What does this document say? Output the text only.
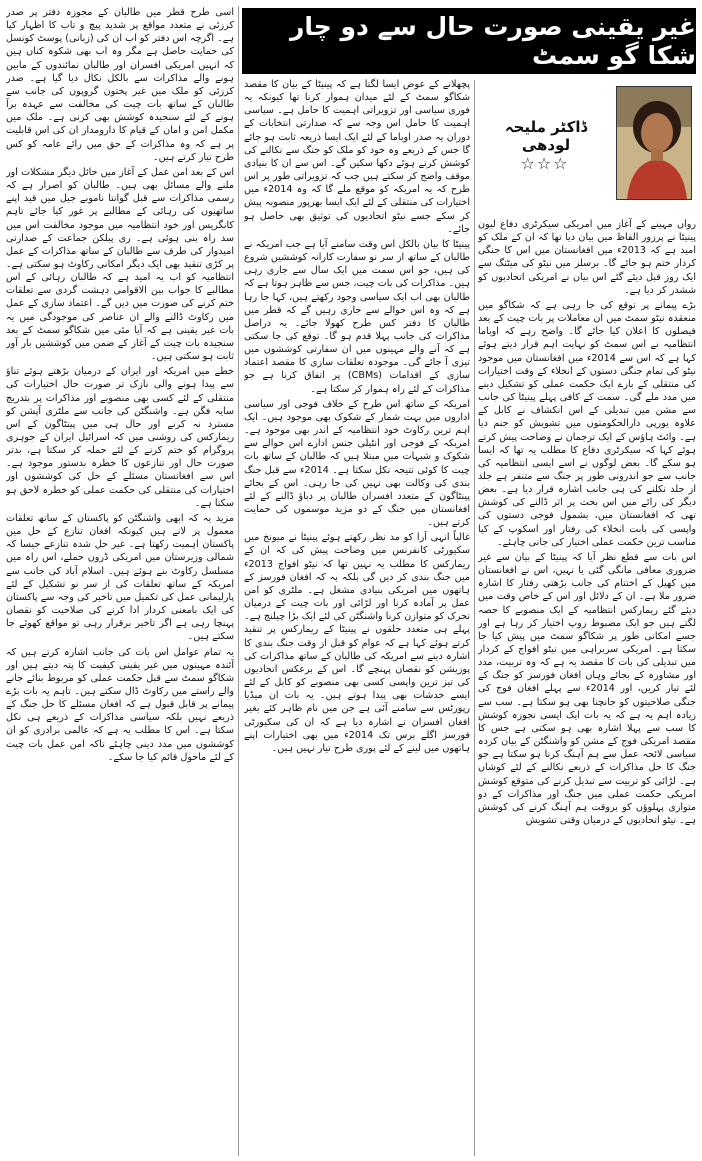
اسی طرح قطر میں طالبان کے مجوزہ دفتر پر صدر کرزئی نے متعدد مواقع پر شدید پیچ و تاب کا اظہار کیا ہے۔ اگرچہ اس دفتر کو اب ان کی (زبانی) پوسٹ کونسل کی حمایت حاصل ہے مگر وہ اب بھی شکوہ کناں ہیں کہ انہیں امریکی افسران اور طالبان نمائندوں کے مابین ہونے والے مذاکرات سے بالکل نکال دیا گیا ہے۔ صدر کرزئی کو ملک میں غیر پختون گروپوں کی جانب سے طالبان کے ساتھ بات چیت کی مخالفت سے عہدہ برآ ہونے کے لئے سنجیدہ کوشش بھی کرنی ہے۔ ملک میں مکمل امن و امان کے قیام کا دارومدار ان کی اس قابلیت پر ہے کہ وہ مذاکرات کے حق میں رائے عامہ کو کس طرح تیار کرتے ہیں۔

اس کے بعد امن عمل کے آغاز میں حائل دیگر مشکلات اور ملنے والے مسائل بھی ہیں۔ طالبان کو اصرار ہے کہ رسمی مذاکرات سے قبل گوانتا ناموبے جیل میں قید اپنے ساتھیوں کی رہائی کے مطالبے پر غور کیا جائے تاہم کانگریس اور خود انتظامیہ میں موجود مخالفت اس میں سد راہ بنی ہوئی ہے۔ ری پبلکن جماعت کے صدارتی امیدوار کی طرف سے طالبان کے ساتھ مذاکرات کے عمل پر کڑی تنقید بھی ایک دیگر امکانی رکاوٹ ہو سکتی ہے۔ انتظامیہ کو اب یہ امید ہے کہ طالبان رہائی کے اس مطالبے کا جواب بین الاقوامی دہشت گردی سے تعلقات ختم کرنے کی صورت میں دیں گے۔ اعتماد سازی کے عمل میں رکاوٹ ڈالنے والے ان عناصر کی موجودگی میں یہ بات غیر یقینی ہے کہ آیا مئی میں شکاگو سمٹ کے بعد سنجیدہ بات چیت کے آغاز کے ضمن میں کوششیں بار آور ثابت ہو سکتی ہیں۔

خطے میں امریکہ اور ایران کے درمیان بڑھتے ہوئے تناؤ سے پیدا ہونے والی نازک تر صورت حال اختیارات کی منتقلی کے لئے کسی بھی منصوبے اور مذاکرات پر بتدریج سایہ فگن ہے۔ واشنگٹن کی جانب سے ملٹری آپشن کو مسترد نہ کرنے اور حال ہی میں پینٹاگون کے اس ریمارکس کی روشنی میں کہ اسرائیل ایران کے جوہری پروگرام کو ختم کرنے کے لئے حملہ کر سکتا ہے، بدتر صورت حال اور تنازعوں کا خطرہ بدستور موجود ہے۔ اس سے افغانستان مسئلے کے حل کی کوششوں اور اختیارات کی منتقلی کی حکمت عملی کو خطرہ لاحق ہو سکتا ہے۔

مزید یہ کہ ابھی واشنگٹن کو پاکستان کے ساتھ تعلقات معمول پر لانے ہیں کیونکہ افغان تنازع کے حل میں پاکستان اہمیت رکھتا ہے۔ غیر حل شدہ تنازعے جیسا کہ شمالی وزیرستان میں امریکی ڈرون حملے، اس راہ میں مسلسل رکاوٹ بنے ہوئے ہیں۔ اسلام آباد کی جانب سے امریکہ کے ساتھ تعلقات کی از سر نو تشکیل کے لئے پارلیمانی عمل کی تکمیل میں تاخیر کی وجہ سے پاکستان کی ایک بامعنی کردار ادا کرنے کی صلاحیت کو نقصان پہنچا رہی ہے اگر تاخیر برقرار رہی تو مواقع کھوئے جا سکتے ہیں۔

یہ تمام عوامل اس بات کی جانب اشارہ کرتے ہیں کہ آئندہ مہینوں میں غیر یقینی کیفیت کا پتہ دیتے ہیں اور شکاگو سمٹ سے قبل حکمت عملی کو مربوط بنائے جانے والے راستے میں رکاوٹ ڈال سکتے ہیں۔ تاہم یہ بات بڑے پیمانے پر قابل قبول ہے کہ افغان مسئلے کا حل جنگ کے ذریعے نہیں بلکہ سیاسی مذاکرات کے ذریعے ہی نکل سکتا ہے۔ اس کا مطلب یہ ہے کہ عالمی برادری کو ان کوششوں میں مدد دینی چاہئے تاکہ امن عمل بات چیت کے لئے ماحول قائم کیا جا سکے۔

غیر یقینی صورت حال سے دو چار شکا گو سمٹ
ڈاکٹر ملیحہ لودھی
☆☆☆

پچھلانے کے عوض ایسا لگتا ہے کہ پینیٹا کے بیان کا مقصد شکاگو سمٹ کے لئے میدان ہموار کرنا تھا کیونکہ یہ فوری سیاسی اور تزویراتی اہمیت کا حامل ہے۔ سیاسی اہمیت کا حامل اس وجہ سے کہ صدارتی انتخابات کے دوران یہ صدر اوباما کے لئے ایک ایسا ذریعہ ثابت ہو جائے گا جس کے ذریعے وہ خود کو ملک کو جنگ سے نکالنے کی کوشش کرتے ہوئے دکھا سکیں گے۔ اس سے ان کا بنیادی موقف واضح کر سکتے ہیں جب کہ تزویراتی طور پر اس طرح کہ یہ امریکہ کو موقع ملے گا کہ وہ 2014ء میں اختیارات کی منتقلی کے لئے ایک ایسا بھرپور منصوبہ پیش کر سکے جسے نیٹو اتحادیوں کی توثیق بھی حاصل ہو جائے۔

پینیٹا کا بیان بالکل اس وقت سامنے آیا ہے جب امریکہ نے طالبان کے ساتھ از سر نو سفارت کارانہ کوششیں شروع کی ہیں، جو اس سمت میں ایک سال سے جاری رہی ہیں۔ مذاکرات کی بات چیت، جس سے ظاہر ہوتا ہے کہ طالبان بھی اب ایک سیاسی وجود رکھتے ہیں، کہا جا رہا ہے کہ وہ اس حوالے سے جاری رہیں گے کہ قطر میں طالبان کا دفتر کس طرح کھولا جائے۔ یہ دراصل مذاکرات کی جانب پہلا قدم ہو گا۔ توقع کی جا سکتی ہے کہ آنے والے مہینوں میں ان سفارتی کوششوں میں تیزی آ جائے گی۔ موجودہ تعلقات سازی کا مقصد اعتماد سازی کے اقدامات (CBMs) پر اتفاق کرنا ہے جو مذاکرات کے لئے راہ ہموار کر سکتا ہے۔

امریکہ کے ساتھ اس طرح کے خلاف فوجی اور سیاسی اداروں میں بہت شمار کے شکوک بھی موجود ہیں۔ ایک اہم ترین رکاوٹ خود انتظامیہ کے اندر بھی موجود ہے۔ امریکہ کے فوجی اور انٹیلی جنس ادارے اس حوالے سے شکوک و شبہات میں مبتلا ہیں کہ طالبان کے ساتھ بات چیت کا کوئی نتیجہ نکل سکتا ہے۔ 2014ء سے قبل جنگ بندی کی وکالت بھی نہیں کی جا رہی۔ اس کے بجائے پینٹاگون کے متعدد افسران طالبان پر دباؤ ڈالنے کے لئے افغانستان میں جنگ کے دو مزید موسموں کی حمایت کرتے ہیں۔

غالباً انہی آرا کو مد نظر رکھتے ہوئے پینیٹا نے میونخ میں سکیورٹی کانفرنس میں وضاحت پیش کی کہ ان کے ریمارکس کا مطلب یہ نہیں تھا کہ نیٹو افواج 2013ء میں جنگ بندی کر دیں گی بلکہ یہ کہ افغان فورسز کے ہاتھوں میں امریکی بنیادی مشغل ہے۔ ملٹری کو امن عمل پر آمادہ کرنا اور لڑائی اور بات چیت کے درمیان تحرک کو متوازن کرنا واشنگٹن کی لئے ایک بڑا چیلنج ہے۔ پہلے ہی متعدد حلقوں نے پینیٹا کے ریمارکس پر تنقید کرتے ہوئے کہا ہے کہ عوام کو قبل از وقت جنگ بندی کا اشارہ دینے سے امریکہ کی طالبان کے ساتھ مذاکرات کی پوزیشن کو نقصان پہنچے گا۔ اس کے برعکس اتحادیوں کی تیز ترین واپسی کسی بھی منصوبے کو کابل کے لئے ایسے خدشات بھی پیدا ہوتے ہیں۔ یہ بات ان میڈیا رپورٹس سے سامنے آئی ہے جن میں نام ظاہر کئے بغیر افغان افسران نے اشارہ دیا ہے کہ ان کی سکیورٹی فورسز اگلے برس تک 2014ء میں بھی اختیارات اپنے ہاتھوں میں لینے کے لئے پوری طرح تیار نہیں ہیں۔

رواں مہینے کے آغاز میں امریکی سیکرٹری دفاع لیون پینیٹا نے پرزور الفاظ میں بیان دیا تھا کہ ان کے ملک کو امید ہے کہ 2013ء میں افغانستان میں اس کا جنگی کردار ختم ہو جائے گا۔ برسلز میں نیٹو کی میٹنگ سے ایک روز قبل دیئے گئے اس بیان نے امریکی اتحادیوں کو ششدر کر دیا ہے۔

بڑے پیمانے پر توقع کی جا رہی ہے کہ شکاگو میں منعقدہ نیٹو سمٹ میں ان معاملات پر بات چیت کے بعد فیصلوں کا اعلان کیا جائے گا۔ واضح رہے کہ اوباما انتظامیہ نے اس سمٹ کو نہایت اہم قرار دیتے ہوئے کہا ہے کہ اس سے 2014ء میں افغانستان میں موجود نیٹو کی تمام جنگی دستوں کے انخلاء کے وقت اختیارات کی منتقلی کے بارے ایک حکمت عملی کو تشکیل دینے میں مدد ملے گی۔ سمت کے کافی پہلے پینیٹا کی جانب سے مشن میں تبدیلی کے اس انکشاف نے کابل کے علاوہ یورپی دارالحکومتوں میں تشویش کو جنم دیا ہے۔ وائٹ ہاؤس کے ایک ترجمان نے وضاحت پیش کرتے ہوئے کہا کہ سیکرٹری دفاع کا مطلب یہ تھا کہ ایسا ہو سکے گا۔ بعض لوگوں نے اسے ایسی انتظامیہ کی جانب سے جو اندرونی طور پر جنگ سے متنفر ہے جلد از جلد نکلنے کی ہی جانب اشارہ قرار دیا ہے۔ بعض دیگر کی رائے میں اس بحث پر اثر ڈالنے کی کوشش تھی کہ افغانستان میں، بشمول فوجی دستوں کی واپسی کی بابت انخلاء کی رفتار اور اسکوپ کے کیا مناسب ترین حکمت عملی اختیار کی جانی چاہئے۔

اس بات سے قطع نظر آیا کہ پینیٹا کے بیان سے غیر ضروری معافی مانگی گئی یا نہیں، اس نے افغانستان میں کھیل کے اختتام کی جانب بڑھتی رفتار کا اشارہ ضرور ملا ہے۔ ان کے دلائل اور اس کے خاص وقت میں دیئے گئے ریمارکس انتظامیہ کے ایک منصوبے کا حصہ لگتے ہیں جو ایک مضبوط روپ اختیار کر رہا ہے اور جسے امکانی طور پر شکاگو سمٹ میں پیش کیا جا سکتا ہے۔ امریکی سربراہی میں نیٹو افواج کے کردار میں تبدیلی کی بات کا مقصد یہ ہے کہ وہ تربیت، مدد اور مشاورہ کے بجائے وہاں افغان فورسز کو جنگ کے لئے تیار کریں، اور 2014ء سے پہلے افغان فوج کی جنگی صلاحیتوں کو جانچنا بھی ہو سکتا ہے۔ سب سے زیادہ اہم یہ ہے کہ یہ بات ایک ایسی نجوزہ کوشش کا سب سے پہلا اشارہ بھی ہو سکتی ہے جس کا مقصد امریکی فوج کے مشن کو واشنگٹن کے بیان کردہ سیاسی لائحہ عمل سے ہم آہنگ کرنا ہو سکتا ہے جو جنگ کا حل مذاکرات کے ذریعے نکالنے کے لئے کوشاں ہے۔ لڑائی کو تربیت سے تبدیل کرنے کی متوقع کوشش امریکی حکمت عملی میں جنگ اور مذاکرات کے دو متوازی پہلوؤں کو بروقت ہم آہنگ کرنے کی کوشش ہے۔ نیٹو اتحادیوں کے درمیان وقتی تشویش
